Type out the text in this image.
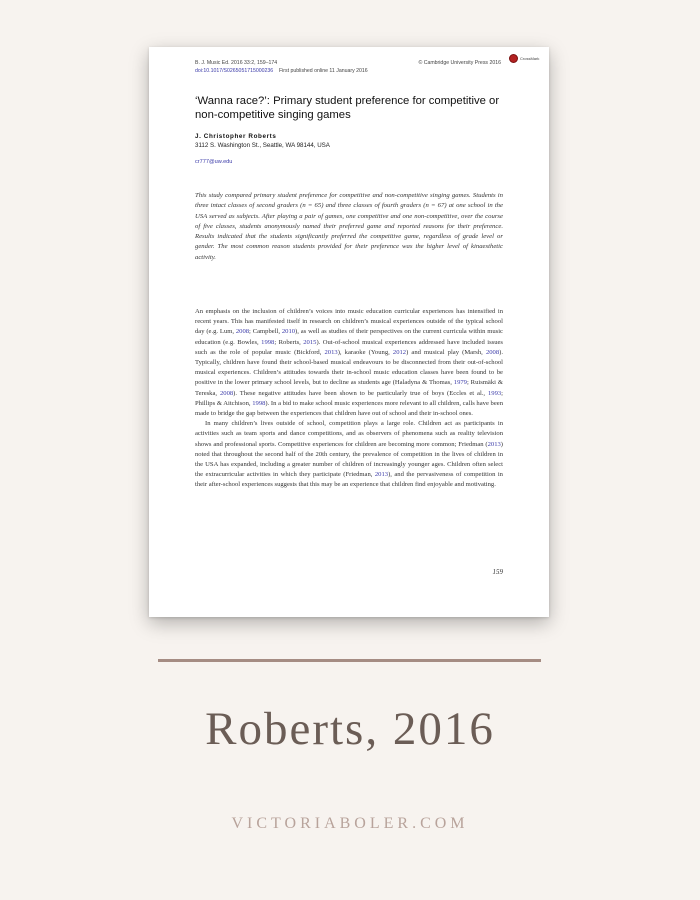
CrossMark
B. J. Music Ed. 2016 33:2, 159–174	© Cambridge University Press 2016
doi:10.1017/S0265051715000236 First published online 11 January 2016
‘Wanna race?’: Primary student preference for competitive or non-competitive singing games
J. Christopher Roberts
3112 S. Washington St., Seattle, WA 98144, USA
cr777@uw.edu

This study compared primary student preference for competitive and non-competitive singing games. Students in three intact classes of second graders (n = 65) and three classes of fourth graders (n = 67) at one school in the USA served as subjects. After playing a pair of games, one competitive and one non-competitive, over the course of five classes, students anonymously named their preferred game and reported reasons for their preference. Results indicated that the students significantly preferred the competitive game, regardless of grade level or gender. The most common reason students provided for their preference was the higher level of kinaesthetic activity.

An emphasis on the inclusion of children’s voices into music education curricular experiences has intensified in recent years. This has manifested itself in research on children’s musical experiences outside of the typical school day (e.g. Lum, 2008; Campbell, 2010), as well as studies of their perspectives on the current curricula within music education (e.g. Bowles, 1998; Roberts, 2015). Out-of-school musical experiences addressed have included issues such as the role of popular music (Bickford, 2013), karaoke (Young, 2012) and musical play (Marsh, 2008). Typically, children have found their school-based musical endeavours to be disconnected from their out-of-school musical experiences. Children’s attitudes towards their in-school music education classes have been found to be positive in the lower primary school levels, but to decline as students age (Haladyna & Thomas, 1979; Ruismäki & Tereska, 2008). These negative attitudes have been shown to be particularly true of boys (Eccles et al., 1993; Phillips & Aitchison, 1998). In a bid to make school music experiences more relevant to all children, calls have been made to bridge the gap between the experiences that children have out of school and their in-school ones.

In many children’s lives outside of school, competition plays a large role. Children act as participants in activities such as team sports and dance competitions, and as observers of phenomena such as reality television shows and professional sports. Competitive experiences for children are becoming more common; Friedman (2013) noted that throughout the second half of the 20th century, the prevalence of competition in the lives of children in the USA has expanded, including a greater number of children of increasingly younger ages. Children often select the extracurricular activities in which they participate (Friedman, 2013), and the pervasiveness of competition in their after-school experiences suggests that this may be an experience that children find enjoyable and motivating.

159
Roberts, 2016
VICTORIABOLER.COM
